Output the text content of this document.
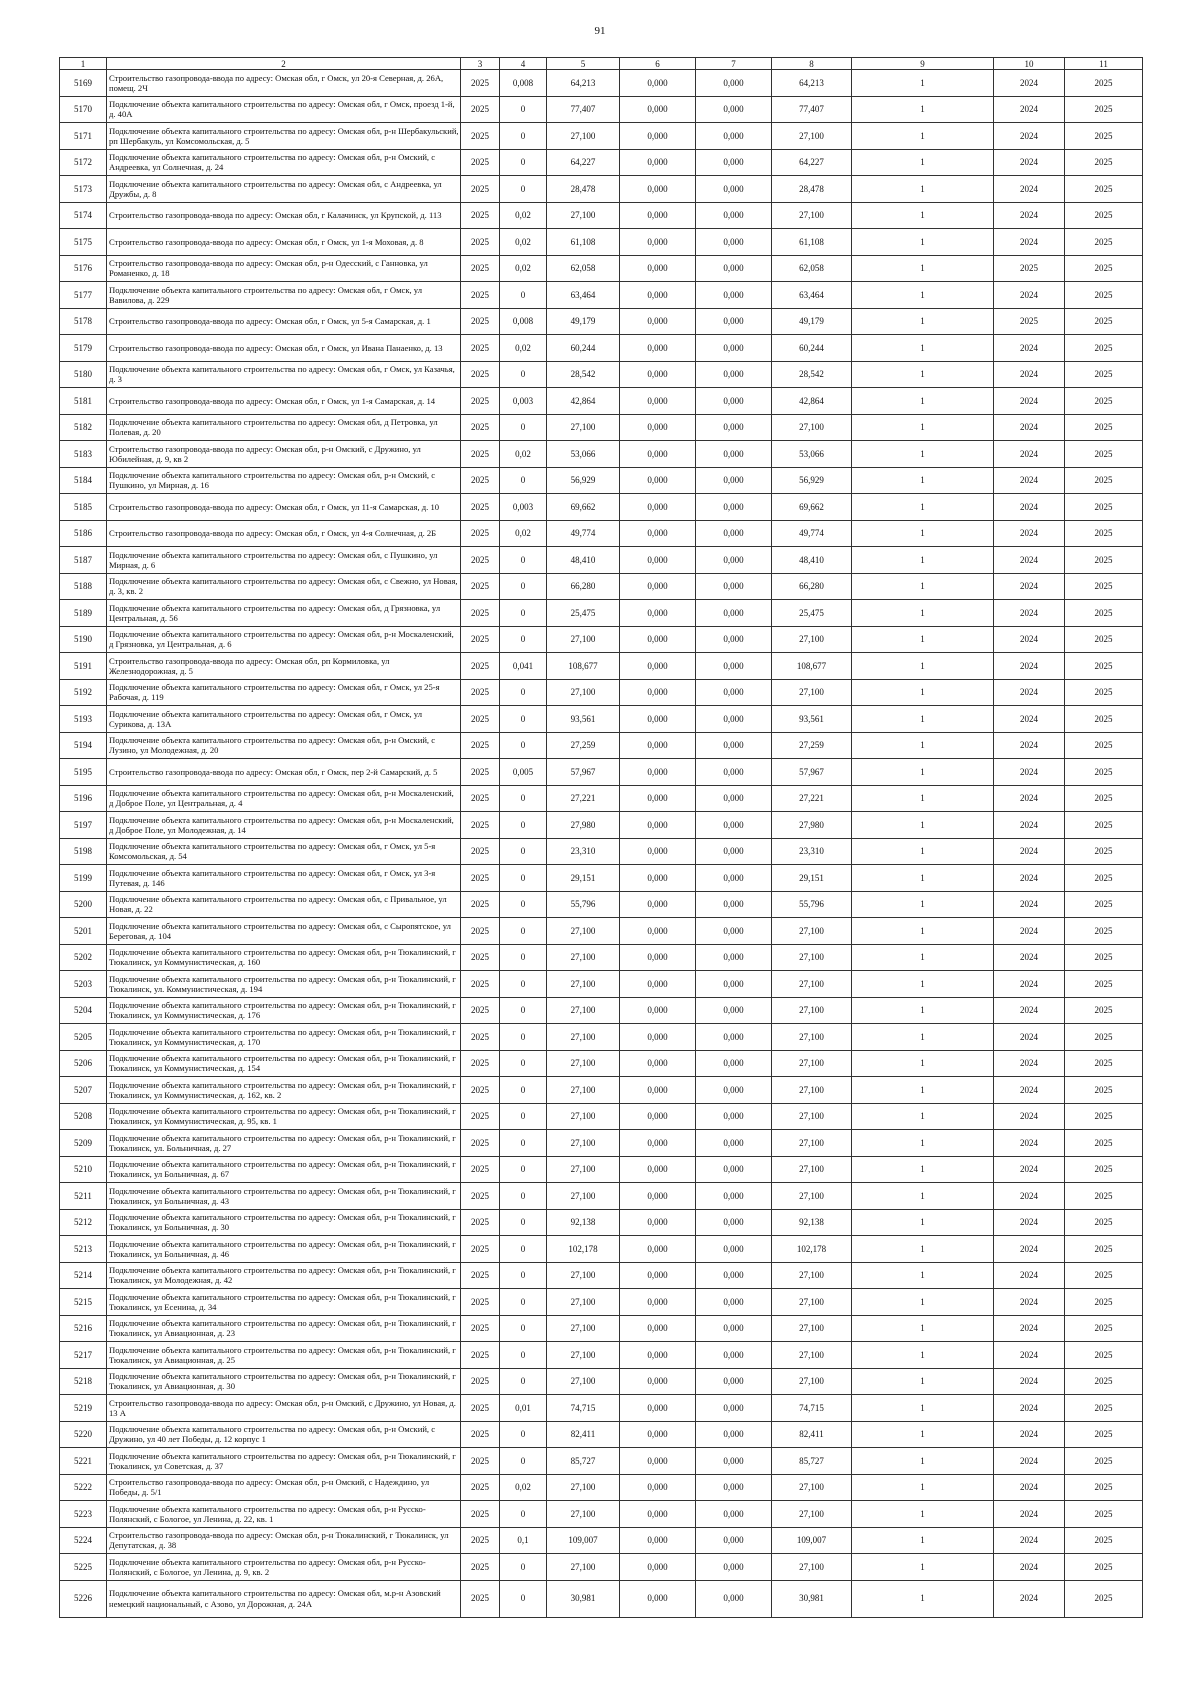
91
1	2	3	4	5	6	7	8	9	10	11
5169	Строительство газопровода-ввода по адресу: Омская обл, г Омск, ул 20-я Северная, д. 26А, помещ. 2Ч	2025	0,008	64,213	0,000	0,000	64,213	1	2024	2025
5170	Подключение объекта капитального строительства по адресу: Омская обл, г Омск, проезд 1-й, д. 40А	2025	0	77,407	0,000	0,000	77,407	1	2024	2025
5171	Подключение объекта капитального строительства по адресу: Омская обл, р-н Шербакульский, рп Шербакуль, ул Комсомольская, д. 5	2025	0	27,100	0,000	0,000	27,100	1	2024	2025
5172	Подключение объекта капитального строительства по адресу: Омская обл, р-н Омский, с Андреевка, ул Солнечная, д. 24	2025	0	64,227	0,000	0,000	64,227	1	2024	2025
5173	Подключение объекта капитального строительства по адресу: Омская обл, с Андреевка, ул Дружбы, д. 8	2025	0	28,478	0,000	0,000	28,478	1	2024	2025
5174	Строительство газопровода-ввода по адресу: Омская обл, г Калачинск, ул Крупской, д. 113	2025	0,02	27,100	0,000	0,000	27,100	1	2024	2025
5175	Строительство газопровода-ввода по адресу: Омская обл, г Омск, ул 1-я Моховая, д. 8	2025	0,02	61,108	0,000	0,000	61,108	1	2024	2025
5176	Строительство газопровода-ввода по адресу: Омская обл, р-н Одесский, с Ганновка, ул Романенко, д. 18	2025	0,02	62,058	0,000	0,000	62,058	1	2025	2025
5177	Подключение объекта капитального строительства по адресу: Омская обл, г Омск, ул Вавилова, д. 229	2025	0	63,464	0,000	0,000	63,464	1	2024	2025
5178	Строительство газопровода-ввода по адресу: Омская обл, г Омск, ул 5-я Самарская, д. 1	2025	0,008	49,179	0,000	0,000	49,179	1	2025	2025
5179	Строительство газопровода-ввода по адресу: Омская обл, г Омск, ул Ивана Панаенко, д. 13	2025	0,02	60,244	0,000	0,000	60,244	1	2024	2025
5180	Подключение объекта капитального строительства по адресу: Омская обл, г Омск, ул Казачья, д. 3	2025	0	28,542	0,000	0,000	28,542	1	2024	2025
5181	Строительство газопровода-ввода по адресу: Омская обл, г Омск, ул 1-я Самарская, д. 14	2025	0,003	42,864	0,000	0,000	42,864	1	2024	2025
5182	Подключение объекта капитального строительства по адресу: Омская обл, д Петровка, ул Полевая, д. 20	2025	0	27,100	0,000	0,000	27,100	1	2024	2025
5183	Строительство газопровода-ввода по адресу: Омская обл, р-н Омский, с Дружино, ул Юбилейная, д. 9, кв 2	2025	0,02	53,066	0,000	0,000	53,066	1	2024	2025
5184	Подключение объекта капитального строительства по адресу: Омская обл, р-н Омский, с Пушкино, ул Мирная, д. 16	2025	0	56,929	0,000	0,000	56,929	1	2024	2025
5185	Строительство газопровода-ввода по адресу: Омская обл, г Омск, ул 11-я Самарская, д. 10	2025	0,003	69,662	0,000	0,000	69,662	1	2024	2025
5186	Строительство газопровода-ввода по адресу: Омская обл, г Омск, ул 4-я Солнечная, д. 2Б	2025	0,02	49,774	0,000	0,000	49,774	1	2024	2025
5187	Подключение объекта капитального строительства по адресу: Омская обл, с Пушкино, ул Мирная, д. 6	2025	0	48,410	0,000	0,000	48,410	1	2024	2025
5188	Подключение объекта капитального строительства по адресу: Омская обл, с Свежно, ул Новая, д. 3, кв. 2	2025	0	66,280	0,000	0,000	66,280	1	2024	2025
5189	Подключение объекта капитального строительства по адресу: Омская обл, д Грязновка, ул Центральная, д. 56	2025	0	25,475	0,000	0,000	25,475	1	2024	2025
5190	Подключение объекта капитального строительства по адресу: Омская обл, р-н Москаленский, д Грязновка, ул Центральная, д. 6	2025	0	27,100	0,000	0,000	27,100	1	2024	2025
5191	Строительство газопровода-ввода по адресу: Омская обл, рп Кормиловка, ул Железнодорожная, д. 5	2025	0,041	108,677	0,000	0,000	108,677	1	2024	2025
5192	Подключение объекта капитального строительства по адресу: Омская обл, г Омск, ул 25-я Рабочая, д. 119	2025	0	27,100	0,000	0,000	27,100	1	2024	2025
5193	Подключение объекта капитального строительства по адресу: Омская обл, г Омск, ул Сурикова, д. 13А	2025	0	93,561	0,000	0,000	93,561	1	2024	2025
5194	Подключение объекта капитального строительства по адресу: Омская обл, р-н Омский, с Лузино, ул Молодежная, д. 20	2025	0	27,259	0,000	0,000	27,259	1	2024	2025
5195	Строительство газопровода-ввода по адресу: Омская обл, г Омск, пер 2-й Самарский, д. 5	2025	0,005	57,967	0,000	0,000	57,967	1	2024	2025
5196	Подключение объекта капитального строительства по адресу: Омская обл, р-н Москаленский, д Доброе Поле, ул Центральная, д. 4	2025	0	27,221	0,000	0,000	27,221	1	2024	2025
5197	Подключение объекта капитального строительства по адресу: Омская обл, р-н Москаленский, д Доброе Поле, ул Молодежная, д. 14	2025	0	27,980	0,000	0,000	27,980	1	2024	2025
5198	Подключение объекта капитального строительства по адресу: Омская обл, г Омск, ул 5-я Комсомольская, д. 54	2025	0	23,310	0,000	0,000	23,310	1	2024	2025
5199	Подключение объекта капитального строительства по адресу: Омская обл, г Омск, ул 3-я Путевая, д. 146	2025	0	29,151	0,000	0,000	29,151	1	2024	2025
5200	Подключение объекта капитального строительства по адресу: Омская обл, с Привальное, ул Новая, д. 22	2025	0	55,796	0,000	0,000	55,796	1	2024	2025
5201	Подключение объекта капитального строительства по адресу: Омская обл, с Сыропятское, ул Береговая, д. 104	2025	0	27,100	0,000	0,000	27,100	1	2024	2025
5202	Подключение объекта капитального строительства по адресу: Омская обл, р-н Тюкалинский, г Тюкалинск, ул Коммунистическая, д. 160	2025	0	27,100	0,000	0,000	27,100	1	2024	2025
5203	Подключение объекта капитального строительства по адресу: Омская обл, р-н Тюкалинский, г Тюкалинск, ул. Коммунистическая, д. 194	2025	0	27,100	0,000	0,000	27,100	1	2024	2025
5204	Подключение объекта капитального строительства по адресу: Омская обл, р-н Тюкалинский, г Тюкалинск, ул Коммунистическая, д. 176	2025	0	27,100	0,000	0,000	27,100	1	2024	2025
5205	Подключение объекта капитального строительства по адресу: Омская обл, р-н Тюкалинский, г Тюкалинск, ул Коммунистическая, д. 170	2025	0	27,100	0,000	0,000	27,100	1	2024	2025
5206	Подключение объекта капитального строительства по адресу: Омская обл, р-н Тюкалинский, г Тюкалинск, ул Коммунистическая, д. 154	2025	0	27,100	0,000	0,000	27,100	1	2024	2025
5207	Подключение объекта капитального строительства по адресу: Омская обл, р-н Тюкалинский, г Тюкалинск, ул Коммунистическая, д. 162, кв. 2	2025	0	27,100	0,000	0,000	27,100	1	2024	2025
5208	Подключение объекта капитального строительства по адресу: Омская обл, р-н Тюкалинский, г Тюкалинск, ул Коммунистическая, д. 95, кв. 1	2025	0	27,100	0,000	0,000	27,100	1	2024	2025
5209	Подключение объекта капитального строительства по адресу: Омская обл, р-н Тюкалинский, г Тюкалинск, ул. Больничная, д. 27	2025	0	27,100	0,000	0,000	27,100	1	2024	2025
5210	Подключение объекта капитального строительства по адресу: Омская обл, р-н Тюкалинский, г Тюкалинск, ул Больничная, д. 67	2025	0	27,100	0,000	0,000	27,100	1	2024	2025
5211	Подключение объекта капитального строительства по адресу: Омская обл, р-н Тюкалинский, г Тюкалинск, ул Больничная, д. 43	2025	0	27,100	0,000	0,000	27,100	1	2024	2025
5212	Подключение объекта капитального строительства по адресу: Омская обл, р-н Тюкалинский, г Тюкалинск, ул Больничная, д. 30	2025	0	92,138	0,000	0,000	92,138	1	2024	2025
5213	Подключение объекта капитального строительства по адресу: Омская обл, р-н Тюкалинский, г Тюкалинск, ул Больничная, д. 46	2025	0	102,178	0,000	0,000	102,178	1	2024	2025
5214	Подключение объекта капитального строительства по адресу: Омская обл, р-н Тюкалинский, г Тюкалинск, ул Молодежная, д. 42	2025	0	27,100	0,000	0,000	27,100	1	2024	2025
5215	Подключение объекта капитального строительства по адресу: Омская обл, р-н Тюкалинский, г Тюкалинск, ул Есенина, д. 34	2025	0	27,100	0,000	0,000	27,100	1	2024	2025
5216	Подключение объекта капитального строительства по адресу: Омская обл, р-н Тюкалинский, г Тюкалинск, ул Авиационная, д. 23	2025	0	27,100	0,000	0,000	27,100	1	2024	2025
5217	Подключение объекта капитального строительства по адресу: Омская обл, р-н Тюкалинский, г Тюкалинск, ул Авиационная, д. 25	2025	0	27,100	0,000	0,000	27,100	1	2024	2025
5218	Подключение объекта капитального строительства по адресу: Омская обл, р-н Тюкалинский, г Тюкалинск, ул Авиационная, д. 30	2025	0	27,100	0,000	0,000	27,100	1	2024	2025
5219	Строительство газопровода-ввода по адресу: Омская обл, р-н Омский, с Дружино, ул Новая, д. 13 А	2025	0,01	74,715	0,000	0,000	74,715	1	2024	2025
5220	Подключение объекта капитального строительства по адресу: Омская обл, р-н Омский, с Дружино, ул 40 лет Победы, д. 12 корпус 1	2025	0	82,411	0,000	0,000	82,411	1	2024	2025
5221	Подключение объекта капитального строительства по адресу: Омская обл, р-н Тюкалинский, г Тюкалинск, ул Советская, д. 37	2025	0	85,727	0,000	0,000	85,727	1	2024	2025
5222	Строительство газопровода-ввода по адресу: Омская обл, р-н Омский, с Надеждино, ул Победы, д. 5/1	2025	0,02	27,100	0,000	0,000	27,100	1	2024	2025
5223	Подключение объекта капитального строительства по адресу: Омская обл, р-н Русско-Полянский, с Бологое, ул Ленина, д. 22, кв. 1	2025	0	27,100	0,000	0,000	27,100	1	2024	2025
5224	Строительство газопровода-ввода по адресу: Омская обл, р-н Тюкалинский, г Тюкалинск, ул Депутатская, д. 38	2025	0,1	109,007	0,000	0,000	109,007	1	2024	2025
5225	Подключение объекта капитального строительства по адресу: Омская обл, р-н Русско-Полянский, с Бологое, ул Ленина, д. 9, кв. 2	2025	0	27,100	0,000	0,000	27,100	1	2024	2025
5226	Подключение объекта капитального строительства по адресу: Омская обл, м.р-н Азовский немецкий национальный, с Азово, ул Дорожная, д. 24А	2025	0	30,981	0,000	0,000	30,981	1	2024	2025
